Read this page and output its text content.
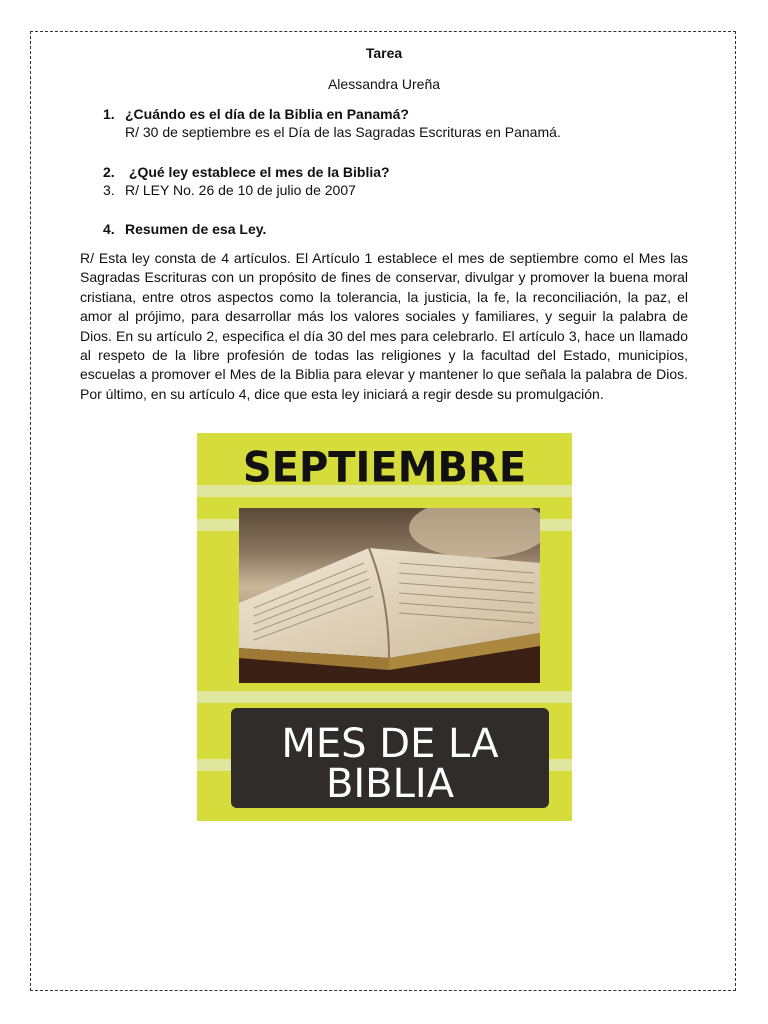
Tarea
Alessandra Ureña
1. ¿Cuándo es el día de la Biblia en Panamá?
R/ 30 de septiembre es el Día de las Sagradas Escrituras en Panamá.
2. ¿Qué ley establece el mes de la Biblia?
3. R/ LEY No. 26 de 10 de julio de 2007
4. Resumen de esa Ley.
R/ Esta ley consta de 4 artículos. El Artículo 1 establece el mes de septiembre como el Mes las Sagradas Escrituras con un propósito de fines de conservar, divulgar y promover la buena moral cristiana, entre otros aspectos como la tolerancia, la justicia, la fe, la reconciliación, la paz, el amor al prójimo, para desarrollar más los valores sociales y familiares, y seguir la palabra de Dios. En su artículo 2, especifica el día 30 del mes para celebrarlo. El artículo 3, hace un llamado al respeto de la libre profesión de todas las religiones y la facultad del Estado, municipios, escuelas a promover el Mes de la Biblia para elevar y mantener lo que señala la palabra de Dios. Por último, en su artículo 4, dice que esta ley iniciará a regir desde su promulgación.
SEPTIEMBRE
MES DE LA
BIBLIA
